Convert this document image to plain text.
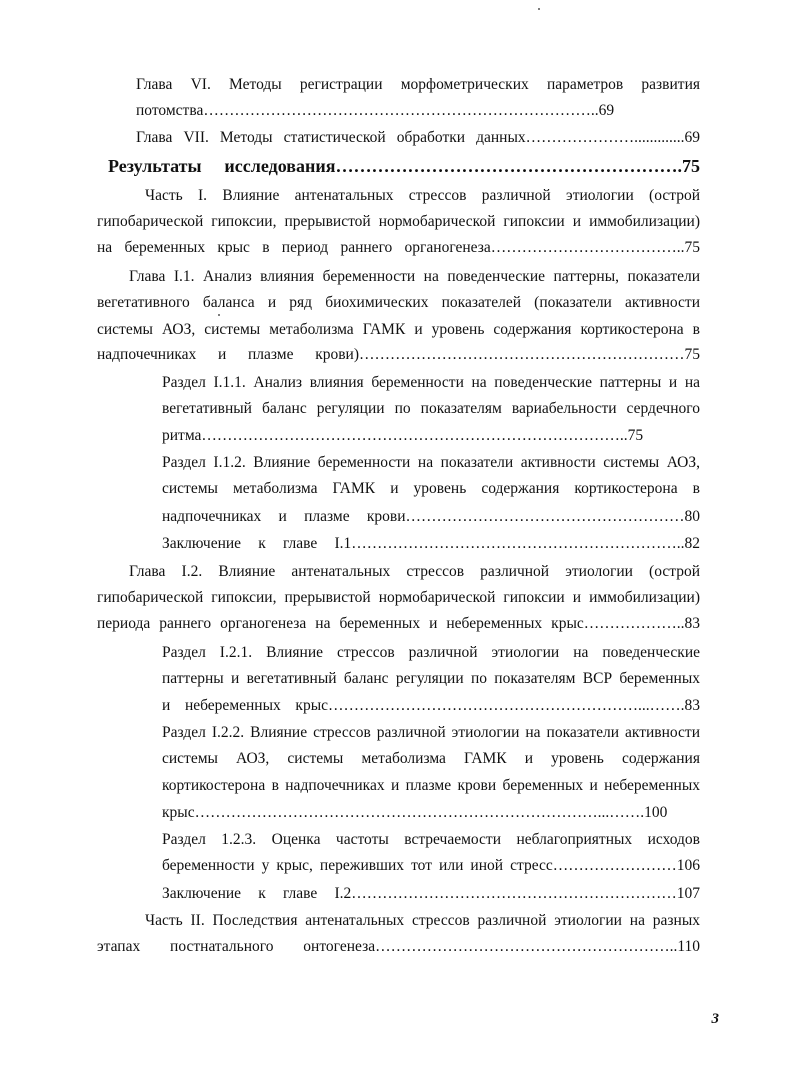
Глава VI. Методы регистрации морфометрических параметров развития
потомства…………………………………………………………………..69
Глава VII. Методы статистической обработки данных………………….............69
Результаты исследования………………………………………………….75
Часть I. Влияние антенатальных стрессов различной этиологии (острой
гипобарической гипоксии, прерывистой нормобарической гипоксии и иммобилизации)
на беременных крыс в период раннего органогенеза………………………………..75
Глава I.1. Анализ влияния беременности на поведенческие паттерны, показатели
вегетативного баланса и ряд биохимических показателей (показатели активности
системы АОЗ, системы метаболизма ГАМК и уровень содержания кортикостерона в
надпочечниках и плазме крови)………………………………………………………75
Раздел I.1.1. Анализ влияния беременности на поведенческие паттерны и на
вегетативный баланс регуляции по показателям вариабельности сердечного
ритма………………………………………………………………………..75
Раздел I.1.2. Влияние беременности на показатели активности системы АОЗ,
системы метаболизма ГАМК и уровень содержания кортикостерона в
надпочечниках и плазме крови………………………………………………80
Заключение к главе I.1………………………………………………………..82
Глава I.2. Влияние антенатальных стрессов различной этиологии (острой
гипобарической гипоксии, прерывистой нормобарической гипоксии и иммобилизации)
периода раннего органогенеза на беременных и небеременных крыс………………..83
Раздел I.2.1. Влияние стрессов различной этиологии на поведенческие
паттерны и вегетативный баланс регуляции по показателям ВСР беременных
и небеременных крыс……………………………………………………...…….83
Раздел I.2.2. Влияние стрессов различной этиологии на показатели активности
системы АОЗ, системы метаболизма ГАМК и уровень содержания
кортикостерона в надпочечниках и плазме крови беременных и небеременных
крыс……………………………………………………………………...…….100
Раздел 1.2.3. Оценка частоты встречаемости неблагоприятных исходов
беременности у крыс, переживших тот или иной стресс……………………106
Заключение к главе I.2………………………………………………………107
Часть II. Последствия антенатальных стрессов различной этиологии на разных
этапах постнатального онтогенеза…………………………………………………..110
3
